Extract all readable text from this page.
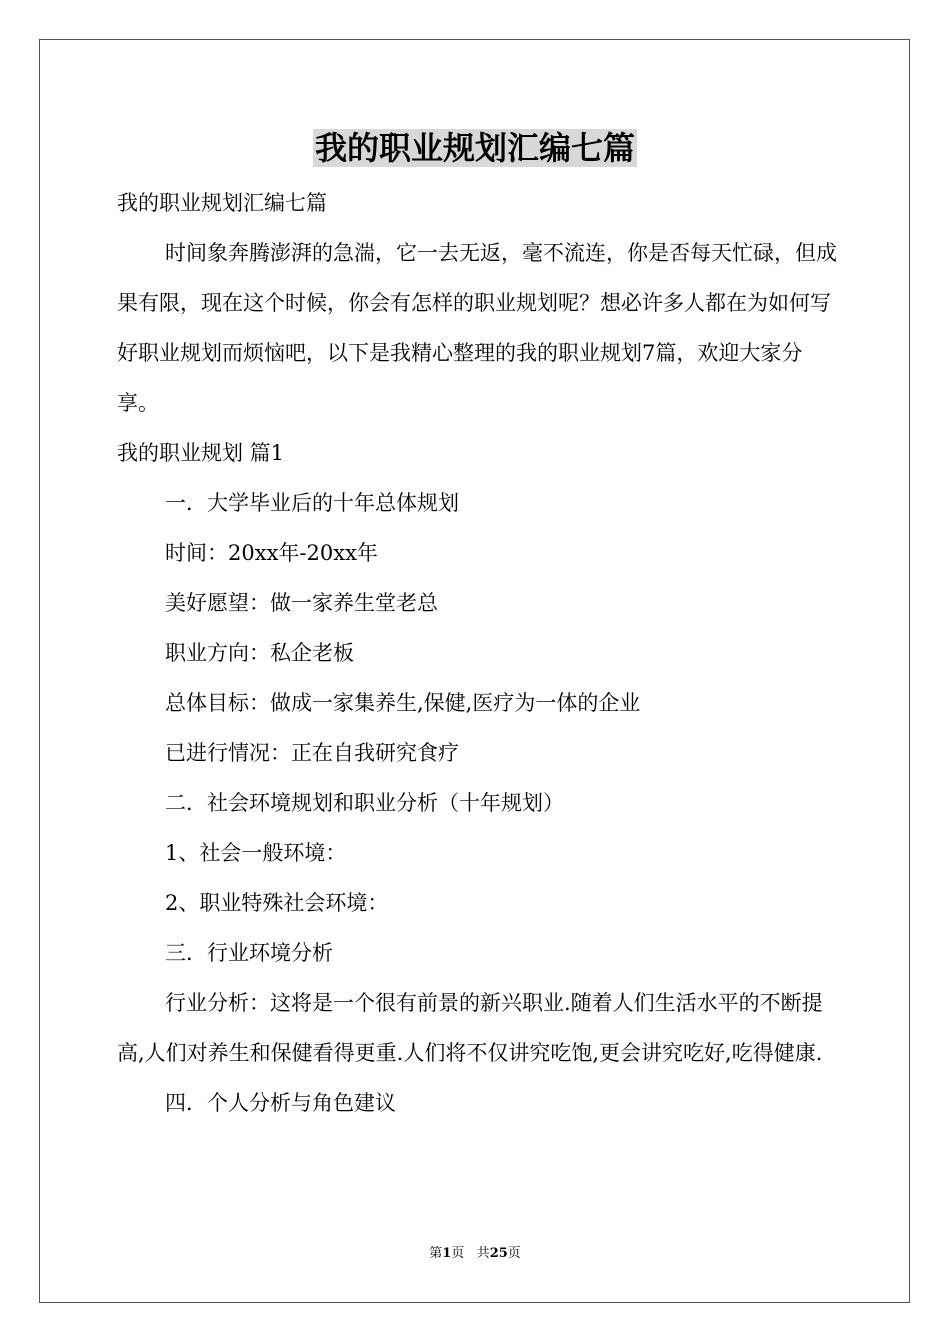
我的职业规划汇编七篇

我的职业规划汇编七篇

时间象奔腾澎湃的急湍，它一去无返，毫不流连，你是否每天忙碌，但成果有限，现在这个时候，你会有怎样的职业规划呢？想必许多人都在为如何写好职业规划而烦恼吧，以下是我精心整理的我的职业规划7篇，欢迎大家分享。

我的职业规划 篇1

一．大学毕业后的十年总体规划

时间：20xx年-20xx年

美好愿望：做一家养生堂老总

职业方向：私企老板

总体目标：做成一家集养生,保健,医疗为一体的企业

已进行情况：正在自我研究食疗

二．社会环境规划和职业分析（十年规划）

1、社会一般环境：

2、职业特殊社会环境：

三．行业环境分析

行业分析：这将是一个很有前景的新兴职业.随着人们生活水平的不断提高,人们对养生和保健看得更重.人们将不仅讲究吃饱,更会讲究吃好,吃得健康.

四．个人分析与角色建议

第1页 共25页
